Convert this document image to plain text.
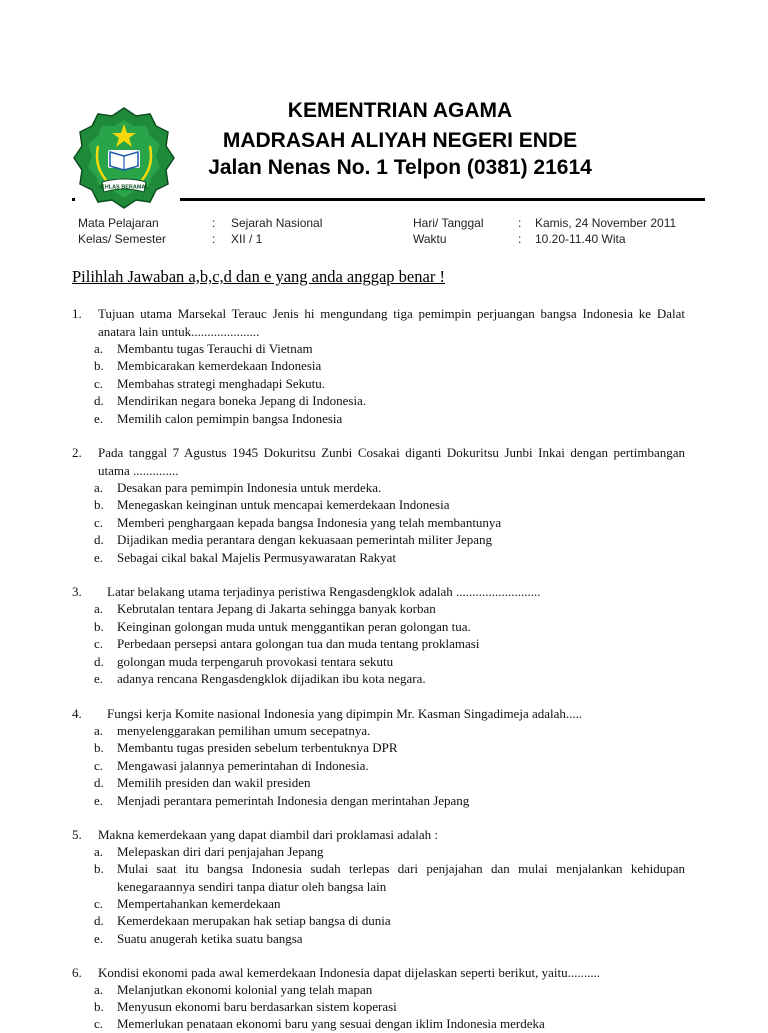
IKHLAS BERAMAL
KEMENTRIAN AGAMA
MADRASAH ALIYAH NEGERI ENDE
Jalan Nenas No. 1 Telpon (0381) 21614
Mata Pelajaran	: Sejarah Nasional	Hari/ Tanggal	: Kamis, 24 November 2011
Kelas/ Semester	: XII / 1	Waktu	: 10.20-11.40 Wita
Pilihlah Jawaban a,b,c,d dan e yang anda anggap benar !
1. Tujuan utama Marsekal Terauc Jenis hi mengundang tiga pemimpin perjuangan bangsa Indonesia ke Dalat anatara lain untuk.....................
a. Membantu tugas Terauchi di Vietnam
b. Membicarakan kemerdekaan Indonesia
c. Membahas strategi menghadapi Sekutu.
d. Mendirikan negara boneka Jepang di Indonesia.
e. Memilih calon pemimpin bangsa Indonesia
2. Pada tanggal 7 Agustus 1945 Dokuritsu Zunbi Cosakai diganti Dokuritsu Junbi Inkai dengan pertimbangan utama ..............
a. Desakan para pemimpin Indonesia untuk merdeka.
b. Menegaskan keinginan untuk mencapai kemerdekaan Indonesia
c. Memberi penghargaan kepada bangsa Indonesia yang telah membantunya
d. Dijadikan media perantara dengan kekuasaan pemerintah militer Jepang
e. Sebagai cikal bakal Majelis Permusyawaratan Rakyat
3. Latar belakang utama terjadinya peristiwa Rengasdengklok adalah ..........................
a. Kebrutalan tentara Jepang di Jakarta sehingga banyak korban
b. Keinginan golongan muda untuk menggantikan peran golongan tua.
c. Perbedaan persepsi antara golongan tua dan muda tentang proklamasi
d. golongan muda terpengaruh provokasi tentara sekutu
e. adanya rencana Rengasdengklok dijadikan ibu kota negara.
4. Fungsi kerja Komite nasional Indonesia yang dipimpin Mr. Kasman Singadimeja adalah.....
a. menyelenggarakan pemilihan umum secepatnya.
b. Membantu tugas presiden sebelum terbentuknya DPR
c. Mengawasi jalannya pemerintahan di Indonesia.
d. Memilih presiden dan wakil presiden
e. Menjadi perantara pemerintah Indonesia dengan merintahan Jepang
5. Makna kemerdekaan yang dapat diambil dari proklamasi adalah :
a. Melepaskan diri dari penjajahan Jepang
b. Mulai saat itu bangsa Indonesia sudah terlepas dari penjajahan dan mulai menjalankan kehidupan kenegaraannya sendiri tanpa diatur oleh bangsa lain
c. Mempertahankan kemerdekaan
d. Kemerdekaan merupakan hak setiap bangsa di dunia
e. Suatu anugerah ketika suatu bangsa
6. Kondisi ekonomi pada awal kemerdekaan Indonesia dapat dijelaskan seperti berikut, yaitu..........
a. Melanjutkan ekonomi kolonial yang telah mapan
b. Menyusun ekonomi baru berdasarkan sistem koperasi
c. Memerlukan penataan ekonomi baru yang sesuai dengan iklim Indonesia merdeka
